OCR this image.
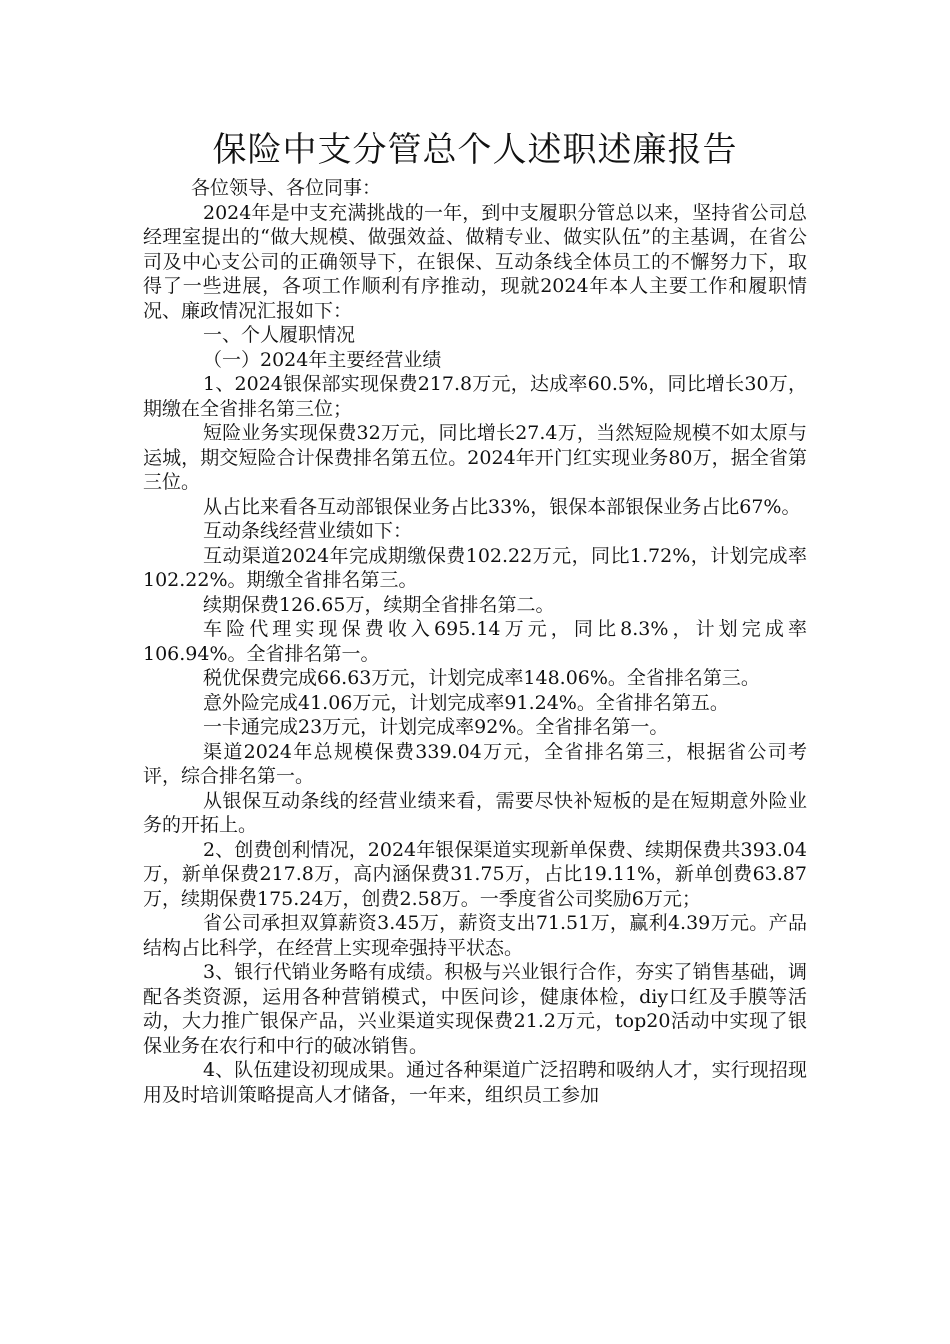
保险中支分管总个人述职述廉报告

各位领导、各位同事：

2024年是中支充满挑战的一年，到中支履职分管总以来，坚持省公司总经理室提出的“做大规模、做强效益、做精专业、做实队伍”的主基调，在省公司及中心支公司的正确领导下，在银保、互动条线全体员工的不懈努力下，取得了一些进展，各项工作顺利有序推动，现就2024年本人主要工作和履职情况、廉政情况汇报如下：

一、个人履职情况

（一）2024年主要经营业绩

1、2024银保部实现保费217.8万元，达成率60.5%，同比增长30万，期缴在全省排名第三位；

短险业务实现保费32万元，同比增长27.4万，当然短险规模不如太原与运城，期交短险合计保费排名第五位。2024年开门红实现业务80万，据全省第三位。

从占比来看各互动部银保业务占比33%，银保本部银保业务占比67%。

互动条线经营业绩如下：

互动渠道2024年完成期缴保费102.22万元，同比1.72%，计划完成率102.22%。期缴全省排名第三。

续期保费126.65万，续期全省排名第二。

车险代理实现保费收入695.14万元，同比8.3%，计划完成率106.94%。全省排名第一。

税优保费完成66.63万元，计划完成率148.06%。全省排名第三。

意外险完成41.06万元，计划完成率91.24%。全省排名第五。

一卡通完成23万元，计划完成率92%。全省排名第一。

渠道2024年总规模保费339.04万元，全省排名第三，根据省公司考评，综合排名第一。

从银保互动条线的经营业绩来看，需要尽快补短板的是在短期意外险业务的开拓上。

2、创费创利情况，2024年银保渠道实现新单保费、续期保费共393.04万，新单保费217.8万，高内涵保费31.75万，占比19.11%，新单创费63.87万，续期保费175.24万，创费2.58万。一季度省公司奖励6万元；

省公司承担双算薪资3.45万，薪资支出71.51万，赢利4.39万元。产品结构占比科学，在经营上实现牵强持平状态。

3、银行代销业务略有成绩。积极与兴业银行合作，夯实了销售基础，调配各类资源，运用各种营销模式，中医问诊，健康体检，diy口红及手膜等活动，大力推广银保产品，兴业渠道实现保费21.2万元，top20活动中实现了银保业务在农行和中行的破冰销售。

4、队伍建设初现成果。通过各种渠道广泛招聘和吸纳人才，实行现招现用及时培训策略提高人才储备，一年来，组织员工参加
